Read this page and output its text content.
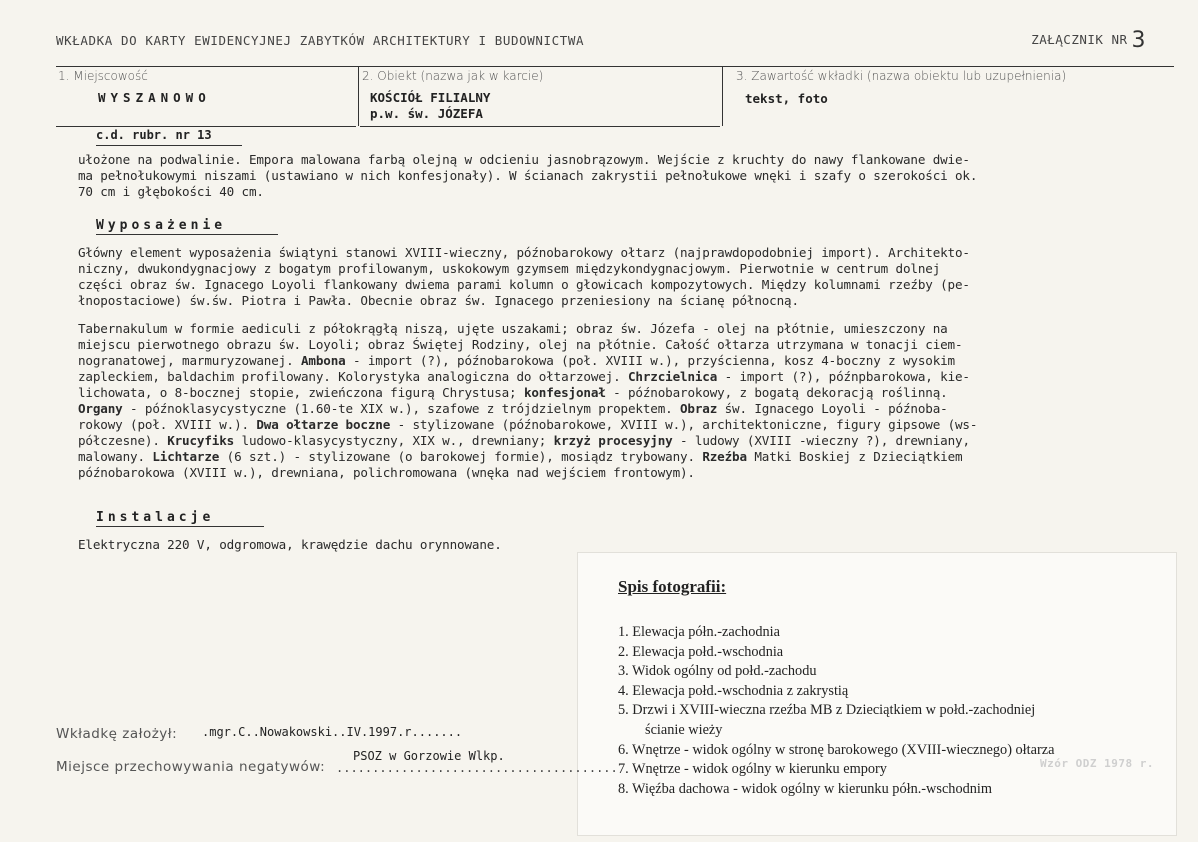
WKŁADKA DO KARTY EWIDENCYJNEJ ZABYTKÓW ARCHITEKTURY I BUDOWNICTWA	ZAŁĄCZNIK NR 3
1. Miejscowość
WYSZANOWO
2. Obiekt (nazwa jak w karcie)
KOŚCIÓŁ FILIALNY
p.w. św. JÓZEFA
3. Zawartość wkładki (nazwa obiektu lub uzupełnienia)
tekst, foto
c.d. rubr. nr 13
ułożone na podwalinie. Empora malowana farbą olejną w odcieniu jasnobrązowym. Wejście z kruchty do nawy flankowane dwie-
ma pełnołukowymi niszami (ustawiano w nich konfesjonały). W ścianach zakrystii pełnołukowe wnęki i szafy o szerokości ok.
70 cm i głębokości 40 cm.
Wyposażenie
Główny element wyposażenia świątyni stanowi XVIII-wieczny, późnobarokowy ołtarz (najprawdopodobniej import). Architekto-
niczny, dwukondygnacjowy z bogatym profilowanym, uskokowym gzymsem międzykondygnacjowym. Pierwotnie w centrum dolnej
części obraz św. Ignacego Loyoli flankowany dwiema parami kolumn o głowicach kompozytowych. Między kolumnami rzeźby (pe-
łnopostaciowe) św.św. Piotra i Pawła. Obecnie obraz św. Ignacego przeniesiony na ścianę północną.
Tabernakulum w formie aediculi z półokrągłą niszą, ujęte uszakami; obraz św. Józefa - olej na płótnie, umieszczony na
miejscu pierwotnego obrazu św. Loyoli; obraz Świętej Rodziny, olej na płótnie. Całość ołtarza utrzymana w tonacji ciem-
nogranatowej, marmuryzowanej. Ambona - import (?), późnobarokowa (poł. XVIII w.), przyścienna, kosz 4-boczny z wysokim
zapleckiem, baldachim profilowany. Kolorystyka analogiczna do ołtarzowej. Chrzcielnica - import (?), późnpbarokowa, kie-
lichowata, o 8-bocznej stopie, zwieńczona figurą Chrystusa; konfesjonał - późnobarokowy, z bogatą dekoracją roślinną.
Organy - późnoklasycystyczne (1.60-te XIX w.), szafowe z trójdzielnym propektem. Obraz św. Ignacego Loyoli - późnoba-
rokowy (poł. XVIII w.). Dwa ołtarze boczne - stylizowane (późnobarokowe, XVIII w.), architektoniczne, figury gipsowe (ws-
półczesne). Krucyfiks ludowo-klasycystyczny, XIX w., drewniany; krzyż procesyjny - ludowy (XVIII -wieczny ?), drewniany,
malowany. Lichtarze (6 szt.) - stylizowane (o barokowej formie), mosiądz trybowany. Rzeźba Matki Boskiej z Dzieciątkiem
późnobarokowa (XVIII w.), drewniana, polichromowana (wnęka nad wejściem frontowym).
Instalacje
Elektryczna 220 V, odgromowa, krawędzie dachu orynnowane.
Spis fotografii:
1. Elewacja półn.-zachodnia
2. Elewacja połd.-wschodnia
3. Widok ogólny od połd.-zachodu
4. Elewacja połd.-wschodnia z zakrystią
5. Drzwi i XVIII-wieczna rzeźba MB z Dzieciątkiem w połd.-zachodniej
ścianie wieży
6. Wnętrze - widok ogólny w stronę barokowego (XVIII-wiecznego) ołtarza
7. Wnętrze - widok ogólny w kierunku empory
8. Więźba dachowa - widok ogólny w kierunku półn.-wschodnim
Wkładkę założył: .mgr.C..Nowakowski..IV.1997.r.......
Miejsce przechowywania negatywów:
PSOZ w Gorzowie Wlkp.
.......................................	Wzór ODZ 1978 r.
